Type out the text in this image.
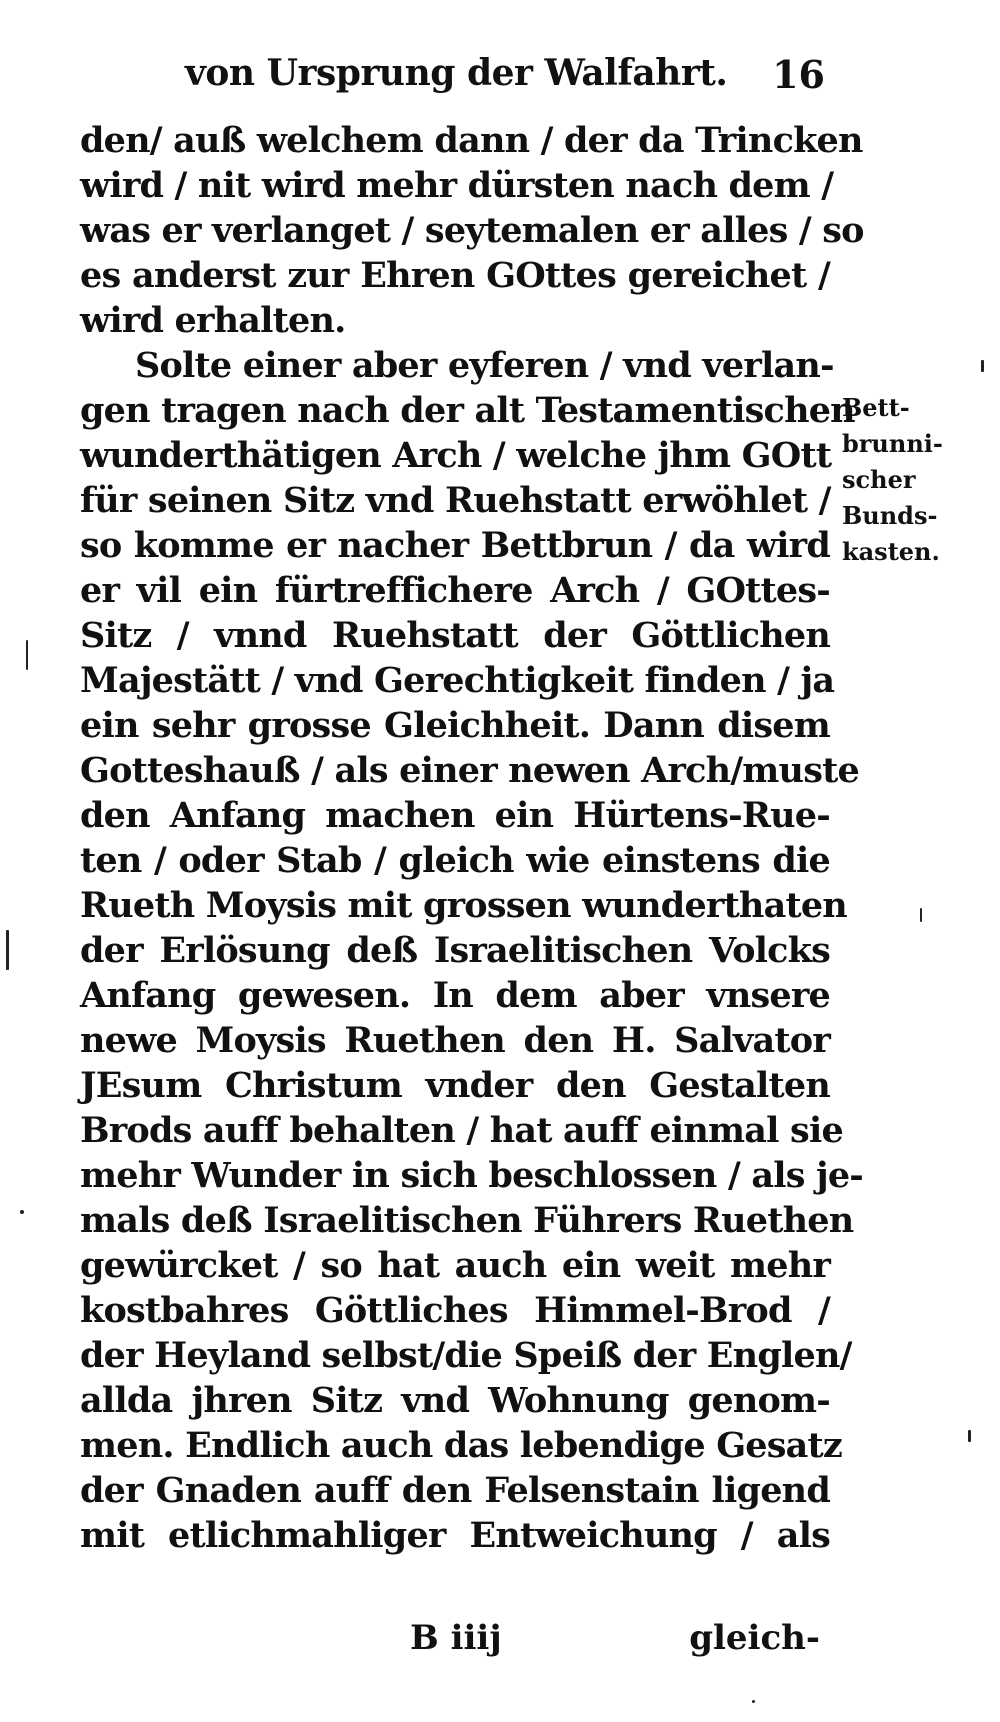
von Ursprung der Walfahrt. 16
den/ auß welchem dann / der da Trincken
wird / nit wird mehr dürsten nach dem /
was er verlanget / seytemalen er alles / so
es anderst zur Ehren GOttes gereichet /
wird erhalten.
Solte einer aber eyferen / vnd verlan-
gen tragen nach der alt Testamentischen
wunderthätigen Arch / welche jhm GOtt
für seinen Sitz vnd Ruehstatt erwöhlet /
so komme er nacher Bettbrun / da wird
er vil ein fürtreffichere Arch / GOttes-
Sitz / vnnd Ruehstatt der Göttlichen
Majestätt / vnd Gerechtigkeit finden / ja
ein sehr grosse Gleichheit. Dann disem
Gotteshauß / als einer newen Arch/muste
den Anfang machen ein Hürtens-Rue-
ten / oder Stab / gleich wie einstens die
Rueth Moysis mit grossen wunderthaten
der Erlösung deß Israelitischen Volcks
Anfang gewesen. In dem aber vnsere
newe Moysis Ruethen den H. Salvator
JEsum Christum vnder den Gestalten
Brods auff behalten / hat auff einmal sie
mehr Wunder in sich beschlossen / als je-
mals deß Israelitischen Führers Ruethen
gewürcket / so hat auch ein weit mehr
kostbahres Göttliches Himmel-Brod /
der Heyland selbst/die Speiß der Englen/
allda jhren Sitz vnd Wohnung genom-
men. Endlich auch das lebendige Gesatz
der Gnaden auff den Felsenstain ligend
mit etlichmahliger Entweichung / als
Bett-
brunni-
scher
Bunds-
kasten.
B iiij	gleich-
